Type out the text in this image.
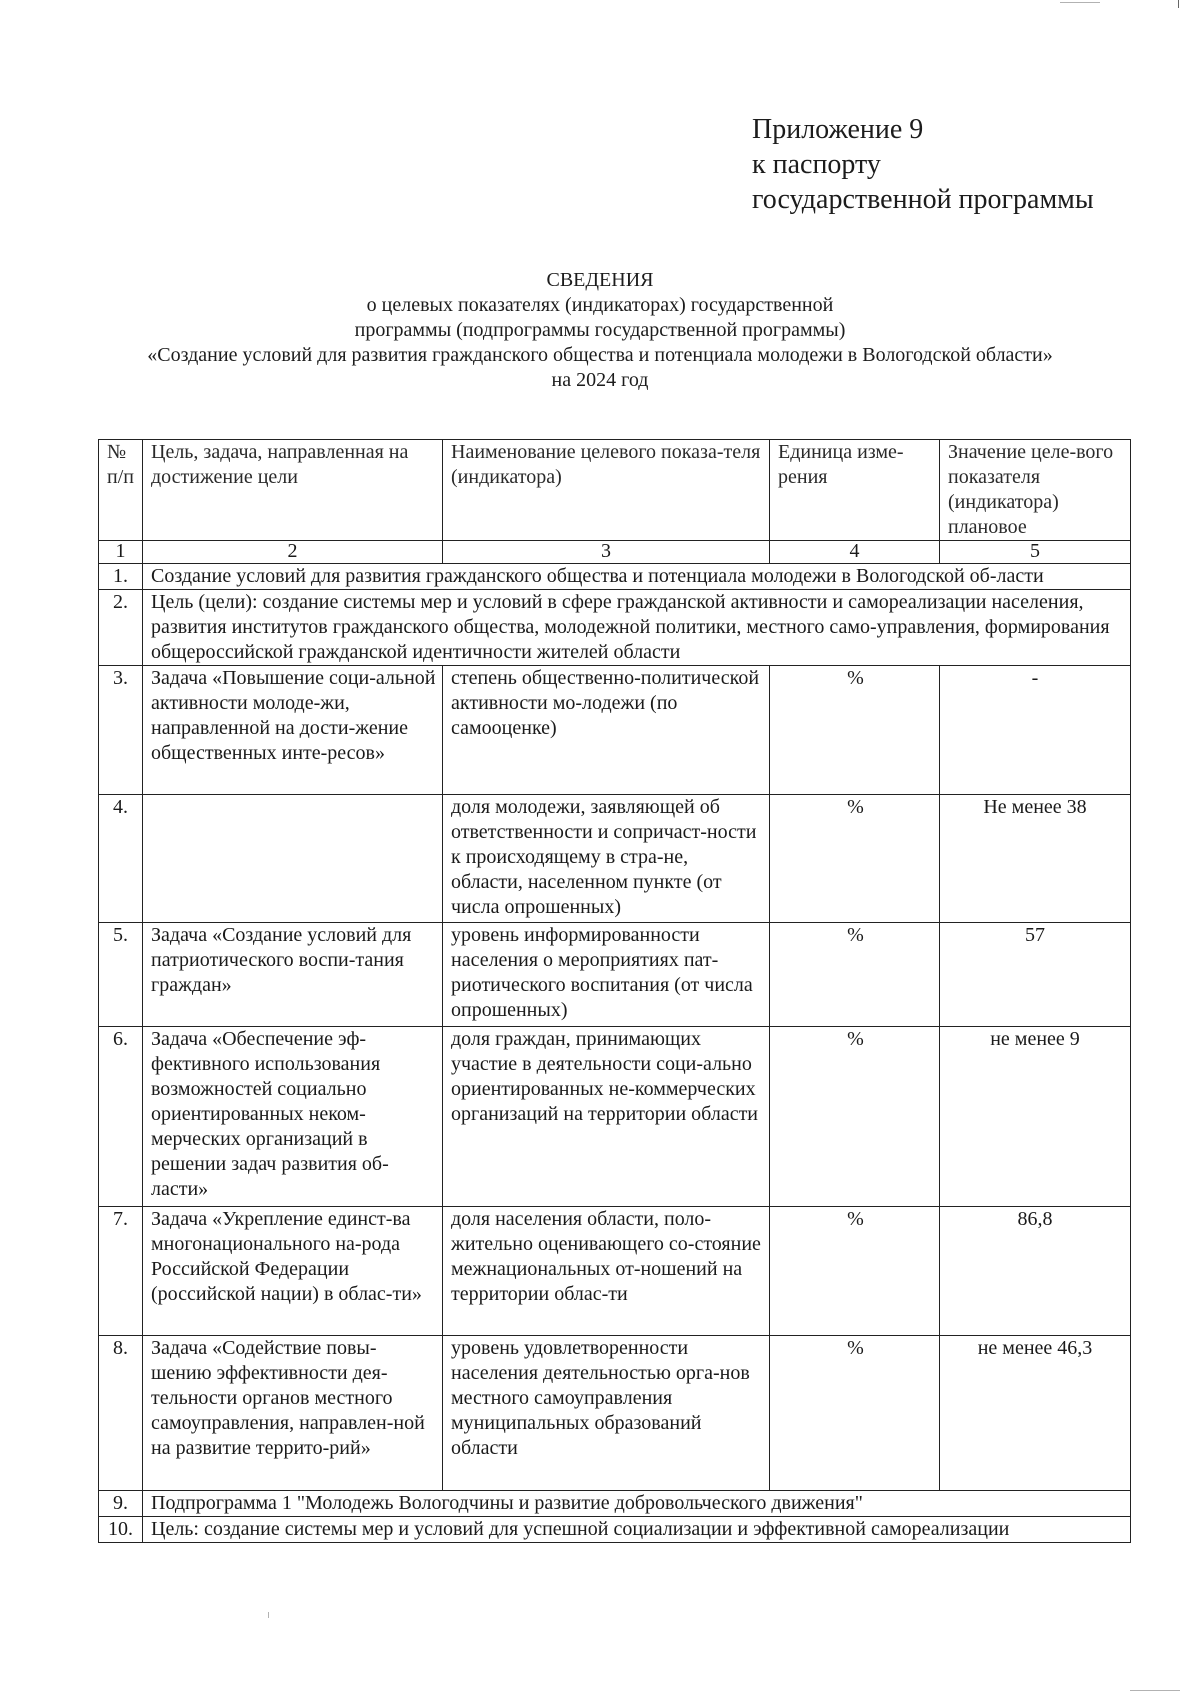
Приложение 9
к паспорту
государственной программы
СВЕДЕНИЯ
о целевых показателях (индикаторах) государственной
программы (подпрограммы государственной программы)
«Создание условий для развития гражданского общества и потенциала молодежи в Вологодской области»
на 2024 год
№ п/п	Цель, задача, направленная на достижение цели	Наименование целевого показа-теля (индикатора)	Единица изме-рения	Значение целе-вого показателя (индикатора) плановое
1	2	3	4	5
1.	Создание условий для развития гражданского общества и потенциала молодежи в Вологодской об-ласти			
2.	Цель (цели): создание системы мер и условий в сфере гражданской активности и самореализации населения, развития институтов гражданского общества, молодежной политики, местного само-управления, формирования общероссийской гражданской идентичности жителей области			
3.	Задача «Повышение соци-альной активности молоде-жи, направленной на дости-жение общественных инте-ресов»	степень общественно-политической активности мо-лодежи (по самооценке)	%	-
4.		доля молодежи, заявляющей об ответственности и сопричаст-ности к происходящему в стра-не, области, населенном пункте (от числа опрошенных)	%	Не менее 38
5.	Задача «Создание условий для патриотического воспи-тания граждан»	уровень информированности населения о мероприятиях пат-риотического воспитания (от числа опрошенных)	%	57
6.	Задача «Обеспечение эф-фективного использования возможностей социально ориентированных неком-мерческих организаций в решении задач развития об-ласти»	доля граждан, принимающих участие в деятельности соци-ально ориентированных не-коммерческих организаций на территории области	%	не менее 9
7.	Задача «Укрепление единст-ва многонационального на-рода Российской Федерации (российской нации) в облас-ти»	доля населения области, поло-жительно оценивающего со-стояние межнациональных от-ношений на территории облас-ти	%	86,8
8.	Задача «Содействие повы-шению эффективности дея-тельности органов местного самоуправления, направлен-ной на развитие террито-рий»	уровень удовлетворенности населения деятельностью орга-нов местного самоуправления муниципальных образований области	%	не менее 46,3
9.	Подпрограмма 1 "Молодежь Вологодчины и развитие добровольческого движения"			
10.	Цель: создание системы мер и условий для успешной социализации и эффективной самореализации			
